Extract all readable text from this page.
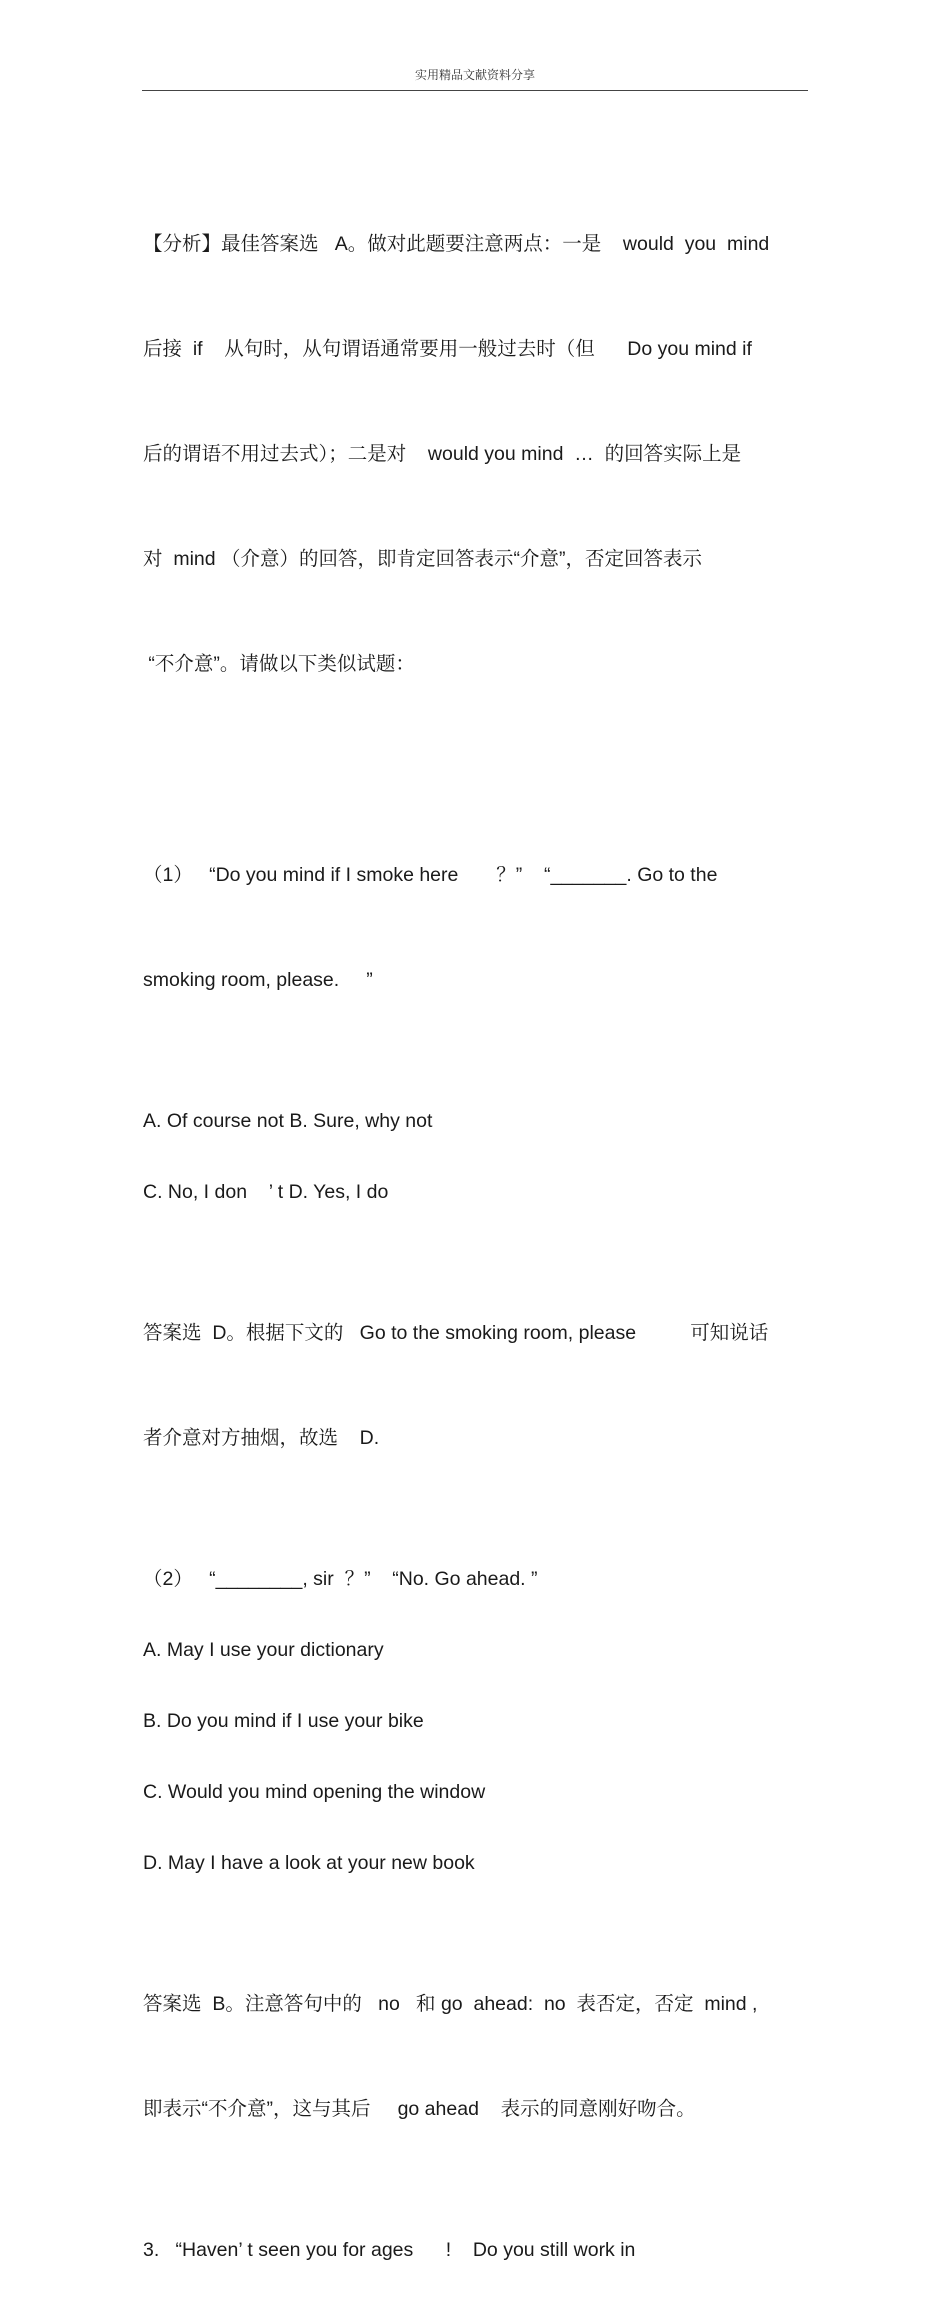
实用精品文献资料分享

【分析】最佳答案选   A。做对此题要注意两点：一是    would  you  mind

后接  if    从句时，从句谓语通常要用一般过去时（但      Do you mind if

后的谓语不用过去式）；二是对    would you mind  …  的回答实际上是

对  mind （介意）的回答，即肯定回答表示“介意”，否定回答表示

“不介意”。请做以下类似试题：

（1）   “Do you mind if I smoke here       ？”    “_______. Go to the

smoking room, please.     ”

A. Of course not B. Sure, why not
C. No, I don    ’ t D. Yes, I do

答案选  D。根据下文的   Go to the smoking room, please          可知说话

者介意对方抽烟，故选    D.

（2）   “________, sir  ？”    “No. Go ahead. ”
A. May I use your dictionary
B. Do you mind if I use your bike
C. Would you mind opening the window
D. May I have a look at your new book

答案选  B。注意答句中的   no   和 go  ahead:  no  表否定，否定  mind ,

即表示“不介意”，这与其后     go ahead    表示的同意刚好吻合。

3.   “Haven’ t seen you for ages      !    Do you still work in
